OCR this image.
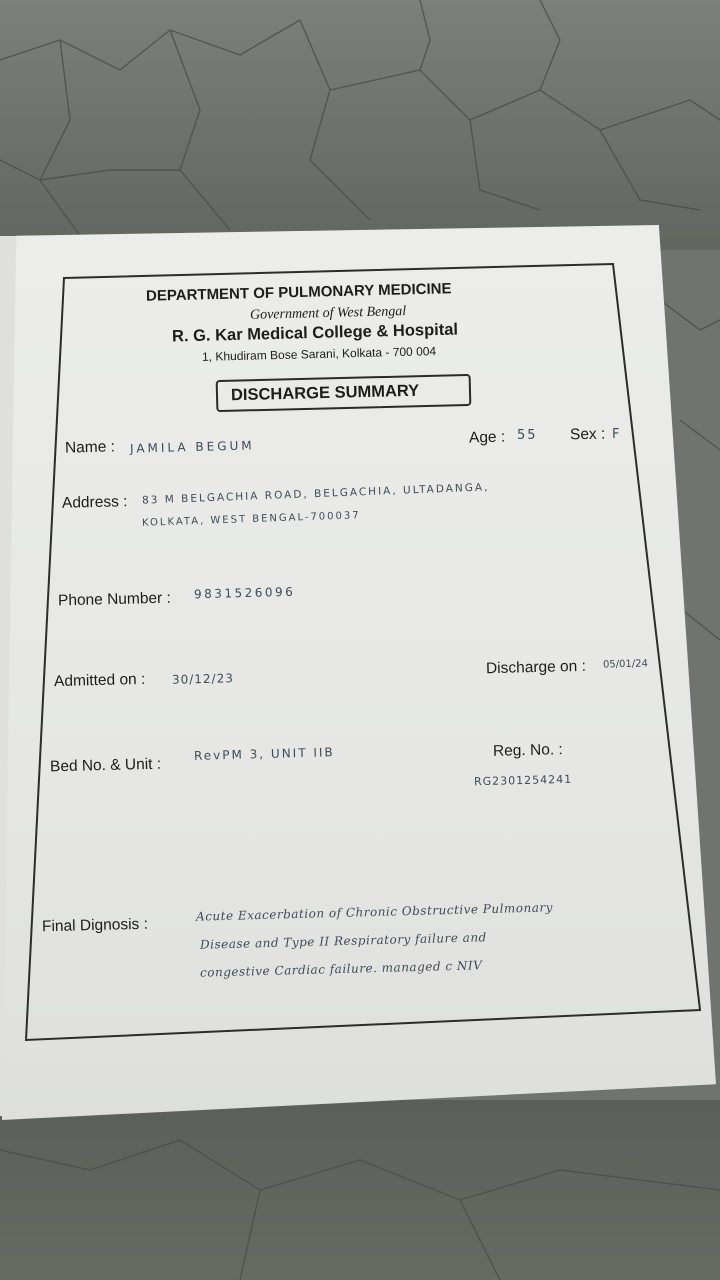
DEPARTMENT OF PULMONARY MEDICINE
Government of West Bengal
R. G. Kar Medical College & Hospital
1, Khudiram Bose Sarani, Kolkata - 700 004
DISCHARGE SUMMARY
Name : JAMILA BEGUM
Age : 55 Sex : F
Address : 83 M BELGACHIA ROAD, BELGACHIA, ULTADANGA,
KOLKATA, WEST BENGAL-700037
Phone Number : 9831526096
Admitted on : 30/12/23
Discharge on : 05/01/24
Bed No. & Unit :
RevPM 3, UNIT IIB	Reg. No. :
RG2301254241
Final Dignosis :
Acute Exacerbation of Chronic Obstructive Pulmonary
Disease and Type II Respiratory failure and
congestive Cardiac failure. managed c NIV
